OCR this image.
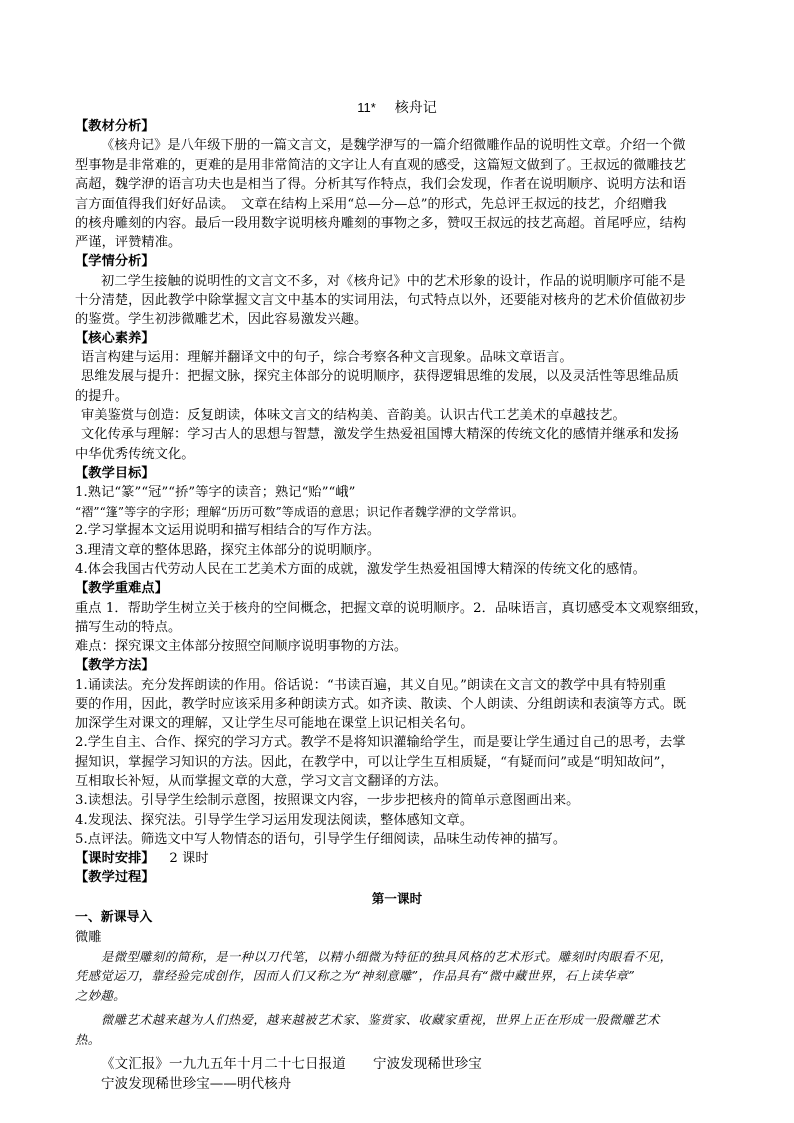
11* 核舟记
【教材分析】
《核舟记》是八年级下册的一篇文言文，是魏学洢写的一篇介绍微雕作品的说明性文章。介绍一个微
型事物是非常难的，更难的是用非常简洁的文字让人有直观的感受，这篇短文做到了。王叔远的微雕技艺
高超，魏学洢的语言功夫也是相当了得。分析其写作特点，我们会发现，作者在说明顺序、说明方法和语
言方面值得我们好好品读。　文章在结构上采用“总—分—总”的形式，先总评王叔远的技艺，介绍赠我
的核舟雕刻的内容。最后一段用数字说明核舟雕刻的事物之多，赞叹王叔远的技艺高超。首尾呼应，结构
严谨，评赞精准。
【学情分析】
初二学生接触的说明性的文言文不多，对《核舟记》中的艺术形象的设计，作品的说明顺序可能不是
十分清楚，因此教学中除掌握文言文中基本的实词用法，句式特点以外，还要能对核舟的艺术价值做初步
的鉴赏。学生初涉微雕艺术，因此容易激发兴趣。
【核心素养】
语言构建与运用：理解并翻译文中的句子，综合考察各种文言现象。品味文章语言。
思维发展与提升：把握文脉，探究主体部分的说明顺序，获得逻辑思维的发展，以及灵活性等思维品质
的提升。
审美鉴赏与创造：反复朗读，体味文言文的结构美、音韵美。认识古代工艺美术的卓越技艺。
文化传承与理解：学习古人的思想与智慧，激发学生热爱祖国博大精深的传统文化的感情并继承和发扬
中华优秀传统文化。
【教学目标】
1.熟记“篆”“冠”“挢”等字的读音；熟记“贻”“峨”
“褶”“篷”等字的字形；理解“历历可数”等成语的意思；识记作者魏学洢的文学常识。
2.学习掌握本文运用说明和描写相结合的写作方法。
3.理清文章的整体思路，探究主体部分的说明顺序。
4.体会我国古代劳动人民在工艺美术方面的成就，激发学生热爱祖国博大精深的传统文化的感情。
【教学重难点】
重点 1．帮助学生树立关于核舟的空间概念，把握文章的说明顺序。2．品味语言，真切感受本文观察细致，
描写生动的特点。
难点：探究课文主体部分按照空间顺序说明事物的方法。
【教学方法】
1.诵读法。充分发挥朗读的作用。俗话说：“书读百遍，其义自见。”朗读在文言文的教学中具有特别重
要的作用，因此，教学时应该采用多种朗读方式。如齐读、散读、个人朗读、分组朗读和表演等方式。既
加深学生对课文的理解，又让学生尽可能地在课堂上识记相关名句。
2.学生自主、合作、探究的学习方式。教学不是将知识灌输给学生，而是要让学生通过自己的思考，去掌
握知识，掌握学习知识的方法。因此，在教学中，可以让学生互相质疑，“有疑而问”或是“明知故问”，
互相取长补短，从而掌握文章的大意，学习文言文翻译的方法。
3.读想法。引导学生绘制示意图，按照课文内容，一步步把核舟的简单示意图画出来。
4.发现法、探究法。引导学生学习运用发现法阅读，整体感知文章。
5.点评法。筛选文中写人物情态的语句，引导学生仔细阅读，品味生动传神的描写。
【课时安排】 2 课时
【教学过程】
第一课时
一、新课导入
微雕
是微型雕刻的简称，是一种以刀代笔，以精小细微为特征的独具风格的艺术形式。雕刻时肉眼看不见，
凭感觉运刀，靠经验完成创作，因而人们又称之为“神刻意雕”，作品具有“微中藏世界，石上读华章”
之妙趣。
微雕艺术越来越为人们热爱，越来越被艺术家、鉴赏家、收藏家重视，世界上正在形成一股微雕艺术
热。
《文汇报》一九九五年十月二十七日报道　　宁波发现稀世珍宝
宁波发现稀世珍宝——明代核舟
